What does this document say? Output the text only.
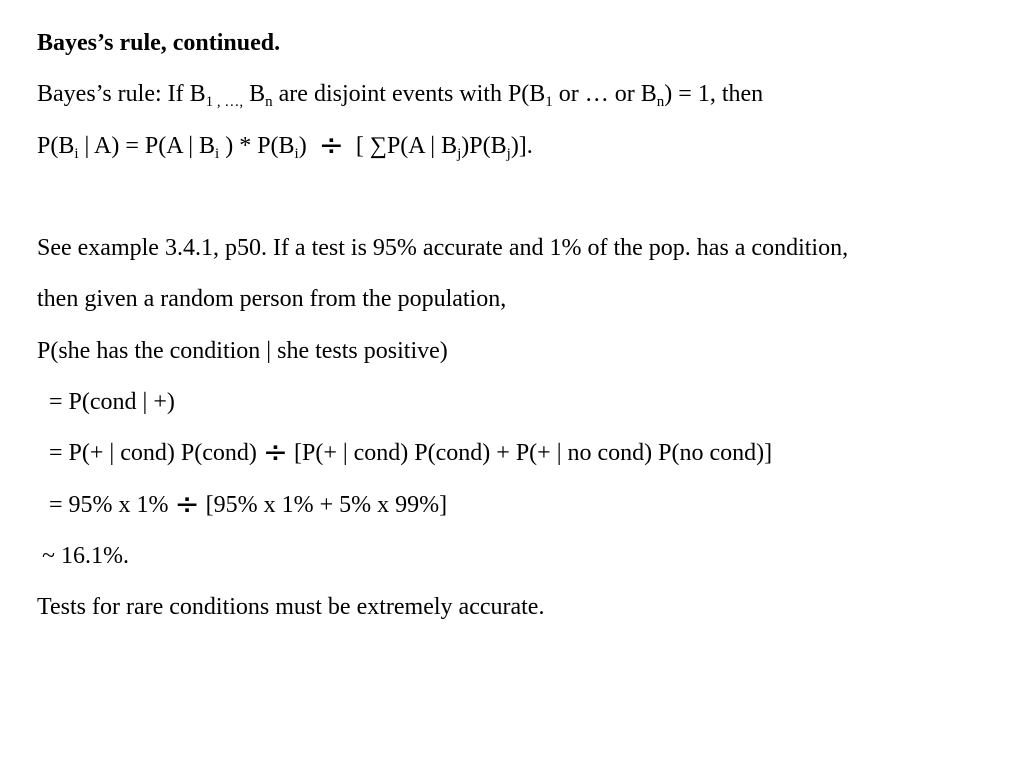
Bayes’s rule, continued.
Bayes’s rule: If $B_{1 , \dots,}$ $B_n$ are disjoint events with $P(B_1$ or … or $B_n) = 1$, then
$P(B_i$ | A) = P(A | $B_i$ ) * $P(B_i)$  ÷  [ ∑P(A | $B_j)P(B_j)$].
See example 3.4.1, p50. If a test is 95% accurate and 1% of the pop. has a condition,
then given a random person from the population,
P(she has the condition | she tests positive)
= P(cond | +)
= P(+ | cond) P(cond) ÷ [P(+ | cond) P(cond) + P(+ | no cond) P(no cond)]
= 95% x 1% ÷ [95% x 1% + 5% x 99%]
~ 16.1%.
Tests for rare conditions must be extremely accurate.
